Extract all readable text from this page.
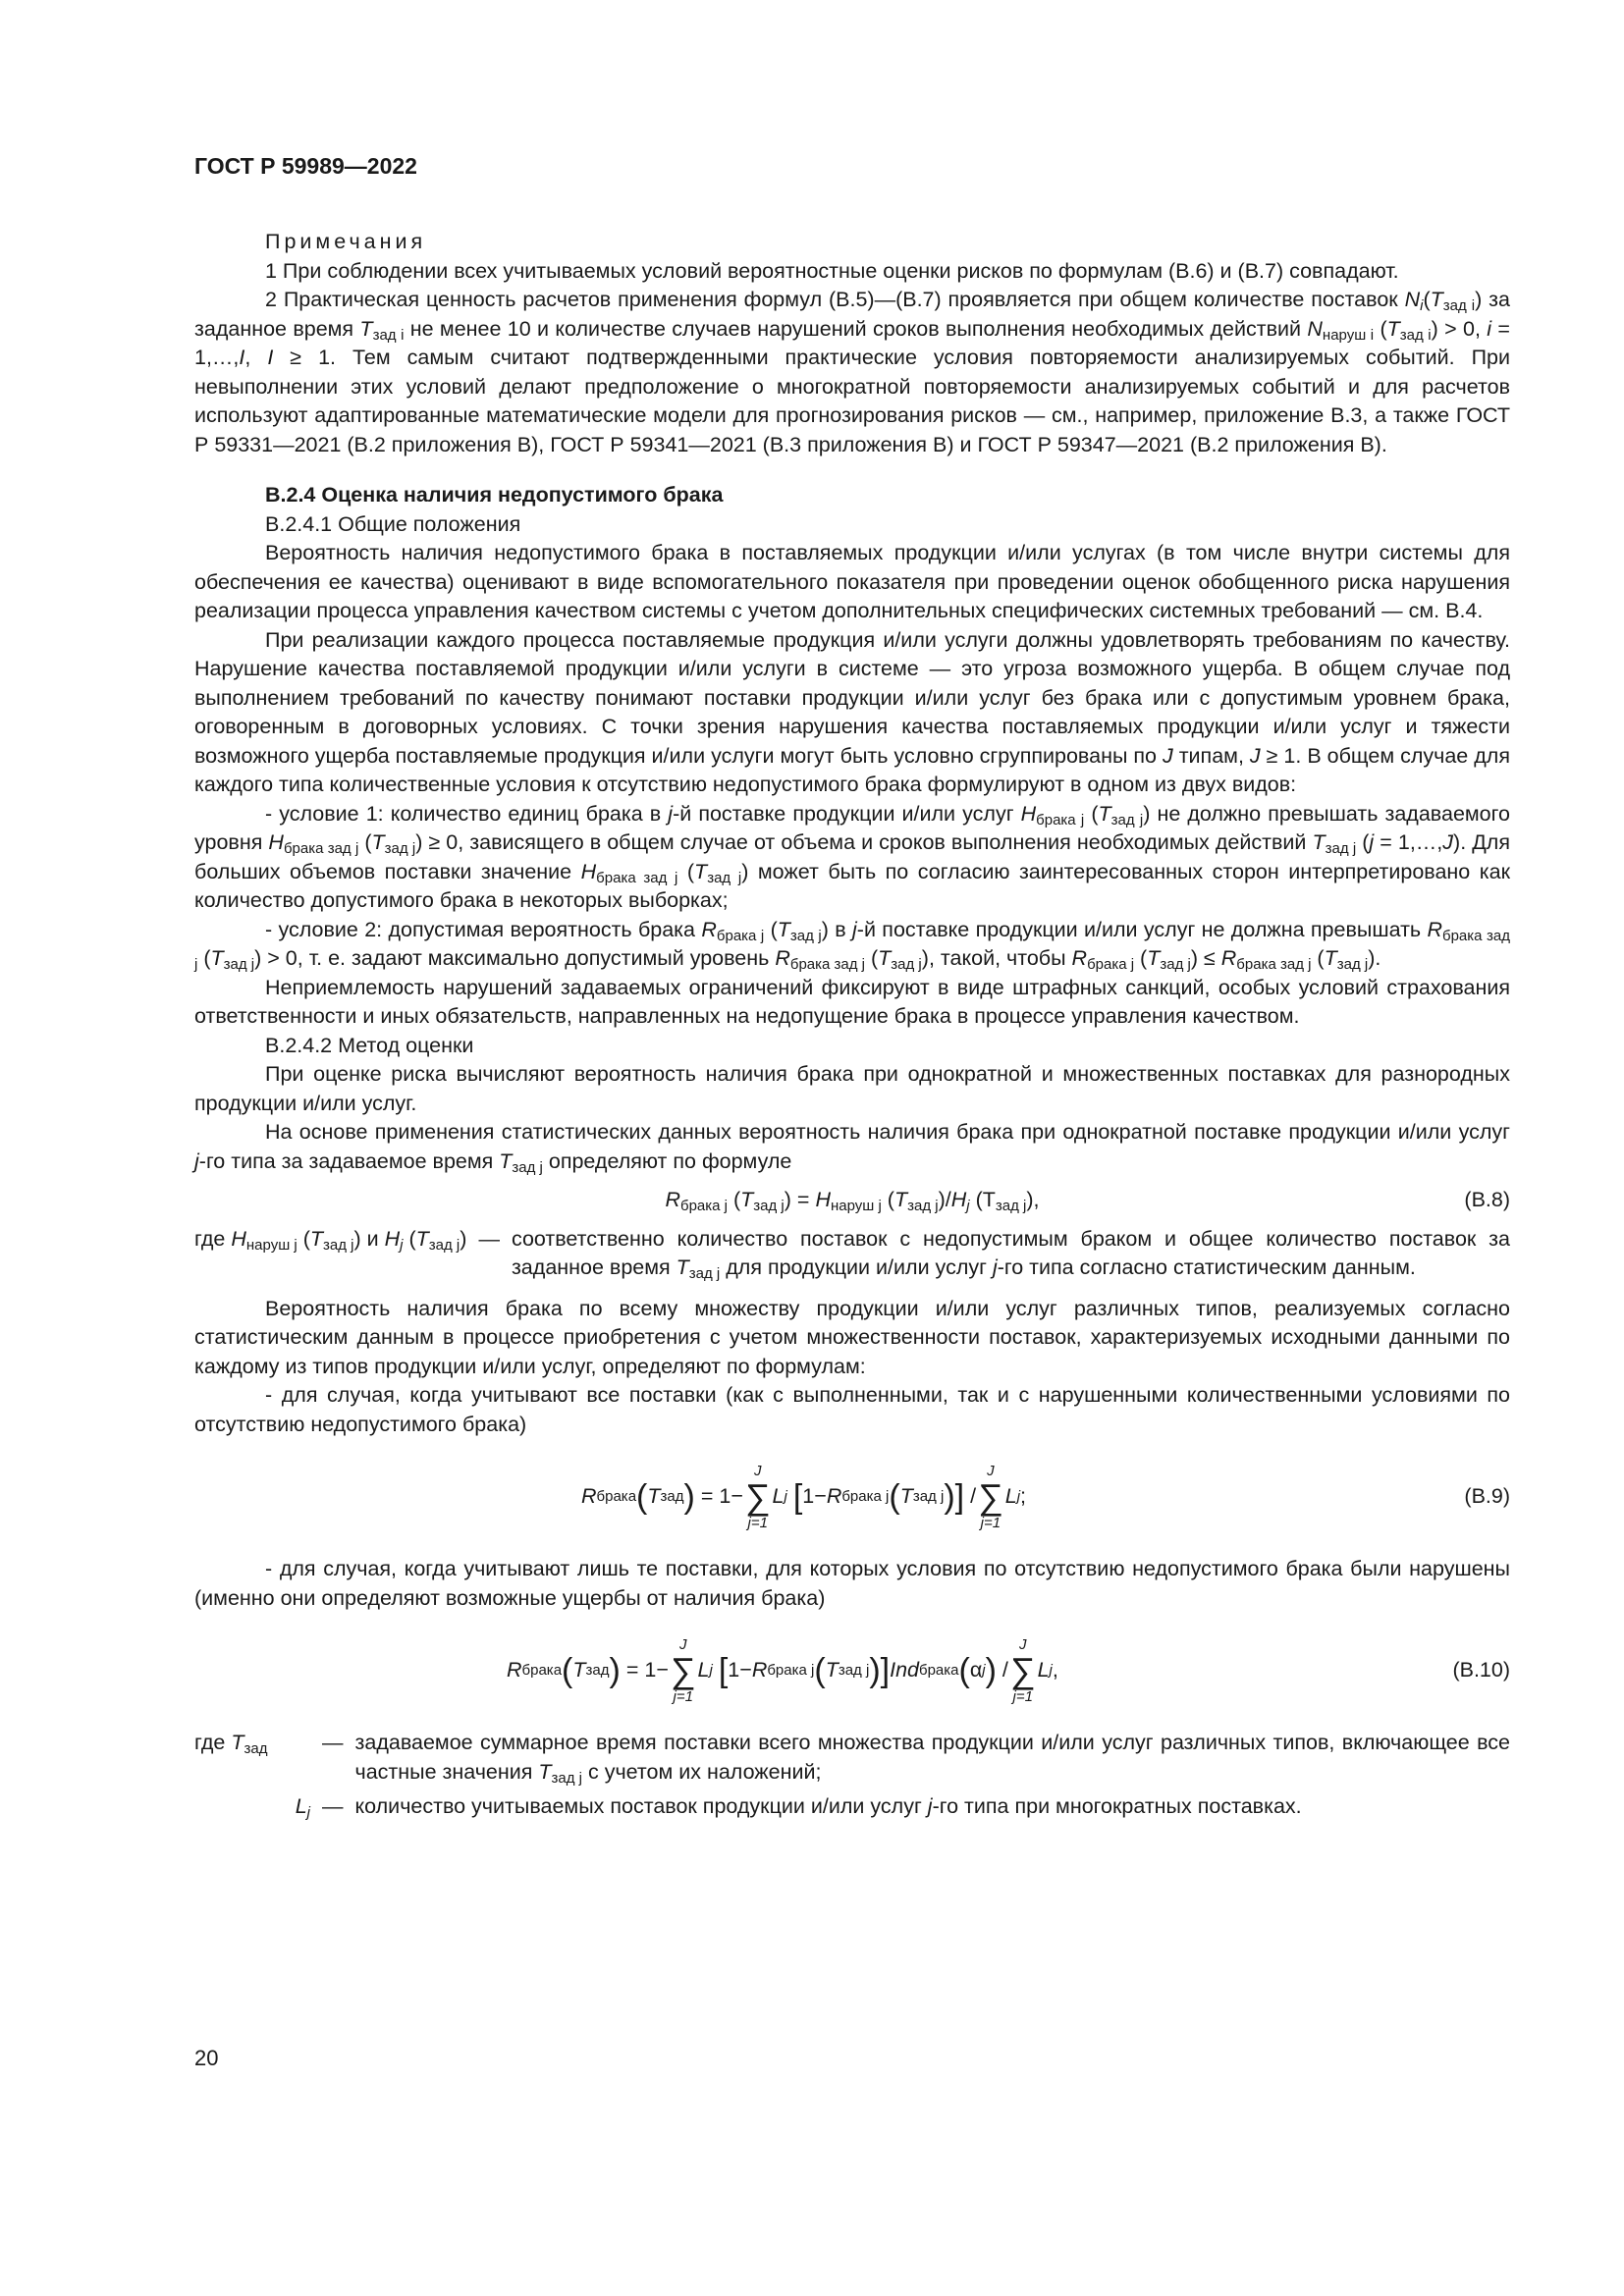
ГОСТ Р 59989—2022

Примечания

1 При соблюдении всех учитываемых условий вероятностные оценки рисков по формулам (В.6) и (В.7) совпадают.

2 Практическая ценность расчетов применения формул (В.5)—(В.7) проявляется при общем количестве поставок $N_i(T_{зад i})$ за заданное время $T_{зад i}$ не менее 10 и количестве случаев нарушений сроков выполнения необходимых действий $N_{наруш i}$ $(T_{зад i}) > 0$, i = 1,…,I, I ≥ 1. Тем самым считают подтвержденными практические условия повторяемости анализируемых событий. При невыполнении этих условий делают предположение о многократной повторяемости анализируемых событий и для расчетов используют адаптированные математические модели для прогнозирования рисков — см., например, приложение В.3, а также ГОСТ Р 59331—2021 (В.2 приложения В), ГОСТ Р 59341—2021 (В.3 приложения В) и ГОСТ Р 59347—2021 (В.2 приложения В).

В.2.4 Оценка наличия недопустимого брака

В.2.4.1 Общие положения

Вероятность наличия недопустимого брака в поставляемых продукции и/или услугах (в том числе внутри системы для обеспечения ее качества) оценивают в виде вспомогательного показателя при проведении оценок обобщенного риска нарушения реализации процесса управления качеством системы с учетом дополнительных специфических системных требований — см. В.4.

При реализации каждого процесса поставляемые продукция и/или услуги должны удовлетворять требованиям по качеству. Нарушение качества поставляемой продукции и/или услуги в системе — это угроза возможного ущерба. В общем случае под выполнением требований по качеству понимают поставки продукции и/или услуг без брака или с допустимым уровнем брака, оговоренным в договорных условиях. С точки зрения нарушения качества поставляемых продукции и/или услуг и тяжести возможного ущерба поставляемые продукция и/или услуги могут быть условно сгруппированы по J типам, J ≥ 1. В общем случае для каждого типа количественные условия к отсутствию недопустимого брака формулируют в одном из двух видов:

- условие 1: количество единиц брака в j-й поставке продукции и/или услуг $H_{брака j}$ $(T_{зад j})$ не должно превышать задаваемого уровня $H_{брака зад j}$ $(T_{зад j}) \ge 0$, зависящего в общем случае от объема и сроков выполнения необходимых действий $T_{зад j}$ (j = 1,…,J). Для больших объемов поставки значение $H_{брака зад j}$ $(T_{зад j})$ может быть по согласию заинтересованных сторон интерпретировано как количество допустимого брака в некоторых выборках;

- условие 2: допустимая вероятность брака $R_{брака j}$ $(T_{зад j})$ в j-й поставке продукции и/или услуг не должна превышать $R_{брака зад j}$ $(T_{зад j}) > 0$, т. е. задают максимально допустимый уровень $R_{брака зад j}$ $(T_{зад j})$, такой, чтобы $R_{брака j}$ $(T_{зад j}) \le R_{брака зад j}$ $(T_{зад j})$.

Неприемлемость нарушений задаваемых ограничений фиксируют в виде штрафных санкций, особых условий страхования ответственности и иных обязательств, направленных на недопущение брака в процессе управления качеством.

В.2.4.2 Метод оценки

При оценке риска вычисляют вероятность наличия брака при однократной и множественных поставках для разнородных продукции и/или услуг.

На основе применения статистических данных вероятность наличия брака при однократной поставке продукции и/или услуг j-го типа за задаваемое время $T_{зад j}$ определяют по формуле

$R_{брака j}$ $(T_{зад j}) = H_{наруш j}$ $(T_{зад j})/H_j$ $(Т_{зад j})$,	(В.8)

где $H_{наруш j}$ $(T_{зад j})$ и $H_j$ $(T_{зад j})$ — соответственно количество поставок с недопустимым браком и общее количество поставок за заданное время $T_{зад j}$ для продукции и/или услуг j-го типа согласно статистическим данным.

Вероятность наличия брака по всему множеству продукции и/или услуг различных типов, реализуемых согласно статистическим данным в процессе приобретения с учетом множественности поставок, характеризуемых исходными данными по каждому из типов продукции и/или услуг, определяют по формулам:

- для случая, когда учитывают все поставки (как с выполненными, так и с нарушенными количественными условиями по отсутствию недопустимого брака)

R брака ( T зад )
=
1−
J
∑
j=1
L j
[ 1− R брака j ( T зад j ) ]
/
J
∑
j=1
L j ;	(В.9)

- для случая, когда учитывают лишь те поставки, для которых условия по отсутствию недопустимого брака были нарушены (именно они определяют возможные ущербы от наличия брака)

R брака ( T зад )
=
1−
J
∑
j=1
L j
[ 1− R брака j ( T зад j ) ] Ind брака ( α j )
/
J
∑
j=1
L j ,	(В.10)
где $T_{зад}$	— задаваемое суммарное время поставки всего множества продукции и/или услуг различных типов, включающее все частные значения $T_{зад j}$ с учетом их наложений;
$L_j$ — количество учитываемых поставок продукции и/или услуг j-го типа при многократных поставках.
20
